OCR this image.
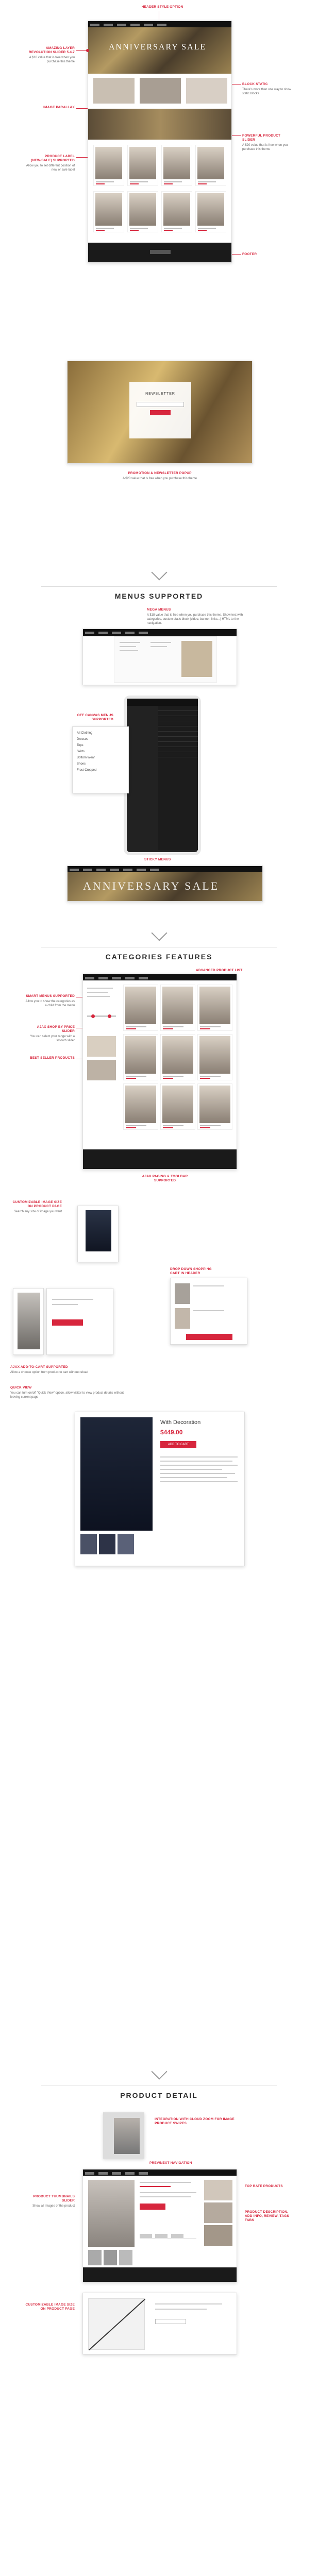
HEADER STYLE OPTION
ANNIVERSARY SALE
AMAZING LAYER REVOLUTION SLIDER 5.4.7
A $18 value that is free when you purchase this theme
BLOCK STATIC
There's more than one way to show static blocks
IMAGE PARALLAX
POWERFUL PRODUCT SLIDER
A $20 value that is free when you purchase this theme
PRODUCT LABEL (NEW/SALE) SUPPORTED
Allow you to set different position of new or sale label
FOOTER
NEWSLETTER
PROMOTION & NEWSLETTER POPUP
A $20 value that is free when you purchase this theme
MENUS SUPPORTED
MEGA MENUS
A $18 value that is free when you purchase this theme. Show text with categories, custom static block (video, banner, links...) HTML to the navigation.
OFF CANVAS MENUS SUPPORTED
All Clothing
Dresses
Tops
Skirts
Bottom Wear
Shoes
Frost Cropped
STICKY MENUS
ANNIVERSARY SALE
CATEGORIES FEATURES
ADVANCED PRODUCT LIST
SMART MENUS SUPPORTED
Allow you to show the categories as a child from the menu
AJAX SHOP BY PRICE SLIDER
You can select your range with a smooth slider
BEST SELLER PRODUCTS
AJAX PAGING & TOOLBAR SUPPORTED
CUSTOMIZABLE IMAGE SIZE ON PRODUCT PAGE
Search any size of image you want
DROP DOWN SHOPPING CART IN HEADER
AJAX ADD-TO-CART SUPPORTED
Allow a choose option from product to cart without reload
QUICK VIEW
You can turn on/off "Quick View" option, allow visitor to view product details without leaving current page
With Decoration
$449.00
ADD TO CART
PRODUCT DETAIL
INTEGRATION WITH CLOUD ZOOM FOR IMAGE PRODUCT SWIPES
PREV/NEXT NAVIGATION

PRODUCT THUMBNAILS SLIDER
Show all images of the product
TOP RATE PRODUCTS
PRODUCT DESCRIPTION, ADD INFO, REVIEW, TAGS TABS
CUSTOMIZABLE IMAGE SIZE ON PRODUCT PAGE
